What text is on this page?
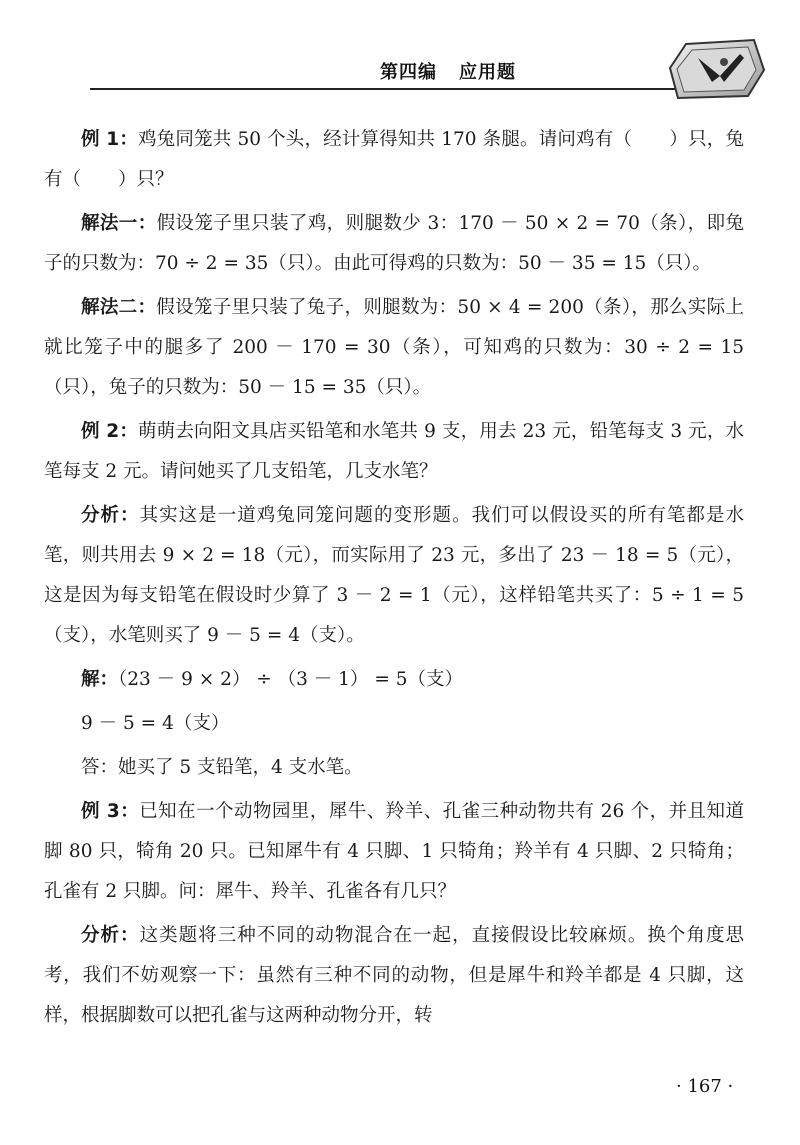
第四编 应用题

例 1：鸡兔同笼共 50 个头，经计算得知共 170 条腿。请问鸡有（　　）只，兔有（　　）只？

解法一：假设笼子里只装了鸡，则腿数少 3：170 － 50 × 2 = 70（条），即兔子的只数为：70 ÷ 2 = 35（只）。由此可得鸡的只数为：50 － 35 = 15（只）。

解法二：假设笼子里只装了兔子，则腿数为：50 × 4 = 200（条），那么实际上就比笼子中的腿多了 200 － 170 = 30（条），可知鸡的只数为：30 ÷ 2 = 15（只），兔子的只数为：50 － 15 = 35（只）。

例 2：萌萌去向阳文具店买铅笔和水笔共 9 支，用去 23 元，铅笔每支 3 元，水笔每支 2 元。请问她买了几支铅笔，几支水笔？

分析：其实这是一道鸡兔同笼问题的变形题。我们可以假设买的所有笔都是水笔，则共用去 9 × 2 = 18（元），而实际用了 23 元，多出了 23 － 18 = 5（元），这是因为每支铅笔在假设时少算了 3 － 2 = 1（元），这样铅笔共买了：5 ÷ 1 = 5（支），水笔则买了 9 － 5 = 4（支）。

解：（23 － 9 × 2） ÷ （3 － 1） = 5（支）

9 － 5 = 4（支）

答：她买了 5 支铅笔，4 支水笔。

例 3：已知在一个动物园里，犀牛、羚羊、孔雀三种动物共有 26 个，并且知道脚 80 只，犄角 20 只。已知犀牛有 4 只脚、1 只犄角；羚羊有 4 只脚、2 只犄角；孔雀有 2 只脚。问：犀牛、羚羊、孔雀各有几只？

分析：这类题将三种不同的动物混合在一起，直接假设比较麻烦。换个角度思考，我们不妨观察一下：虽然有三种不同的动物，但是犀牛和羚羊都是 4 只脚，这样，根据脚数可以把孔雀与这两种动物分开，转

· 167 ·
